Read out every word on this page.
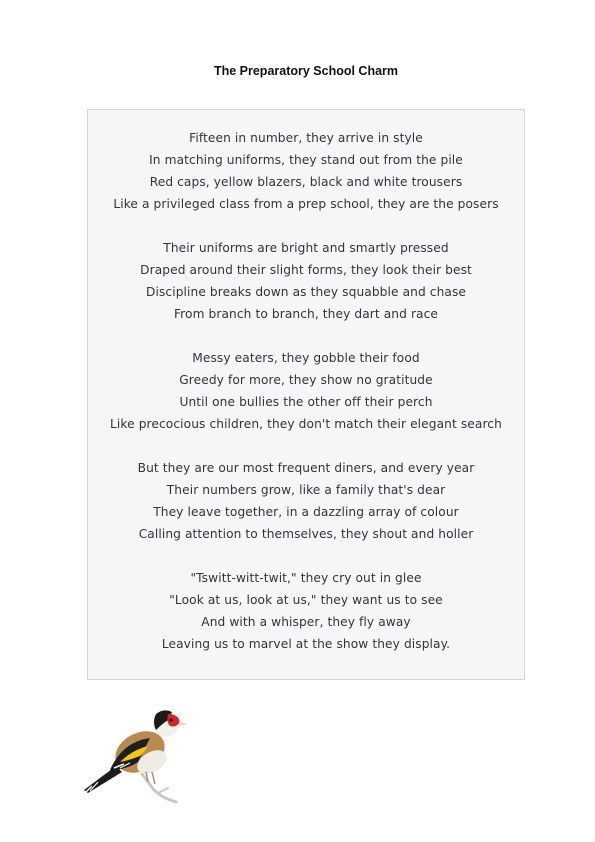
The Preparatory School Charm
Fifteen in number, they arrive in style
In matching uniforms, they stand out from the pile
Red caps, yellow blazers, black and white trousers
Like a privileged class from a prep school, they are the posers
Their uniforms are bright and smartly pressed
Draped around their slight forms, they look their best
Discipline breaks down as they squabble and chase
From branch to branch, they dart and race
Messy eaters, they gobble their food
Greedy for more, they show no gratitude
Until one bullies the other off their perch
Like precocious children, they don't match their elegant search
But they are our most frequent diners, and every year
Their numbers grow, like a family that's dear
They leave together, in a dazzling array of colour
Calling attention to themselves, they shout and holler
"Tswitt-witt-twit," they cry out in glee
"Look at us, look at us," they want us to see
And with a whisper, they fly away
Leaving us to marvel at the show they display.
